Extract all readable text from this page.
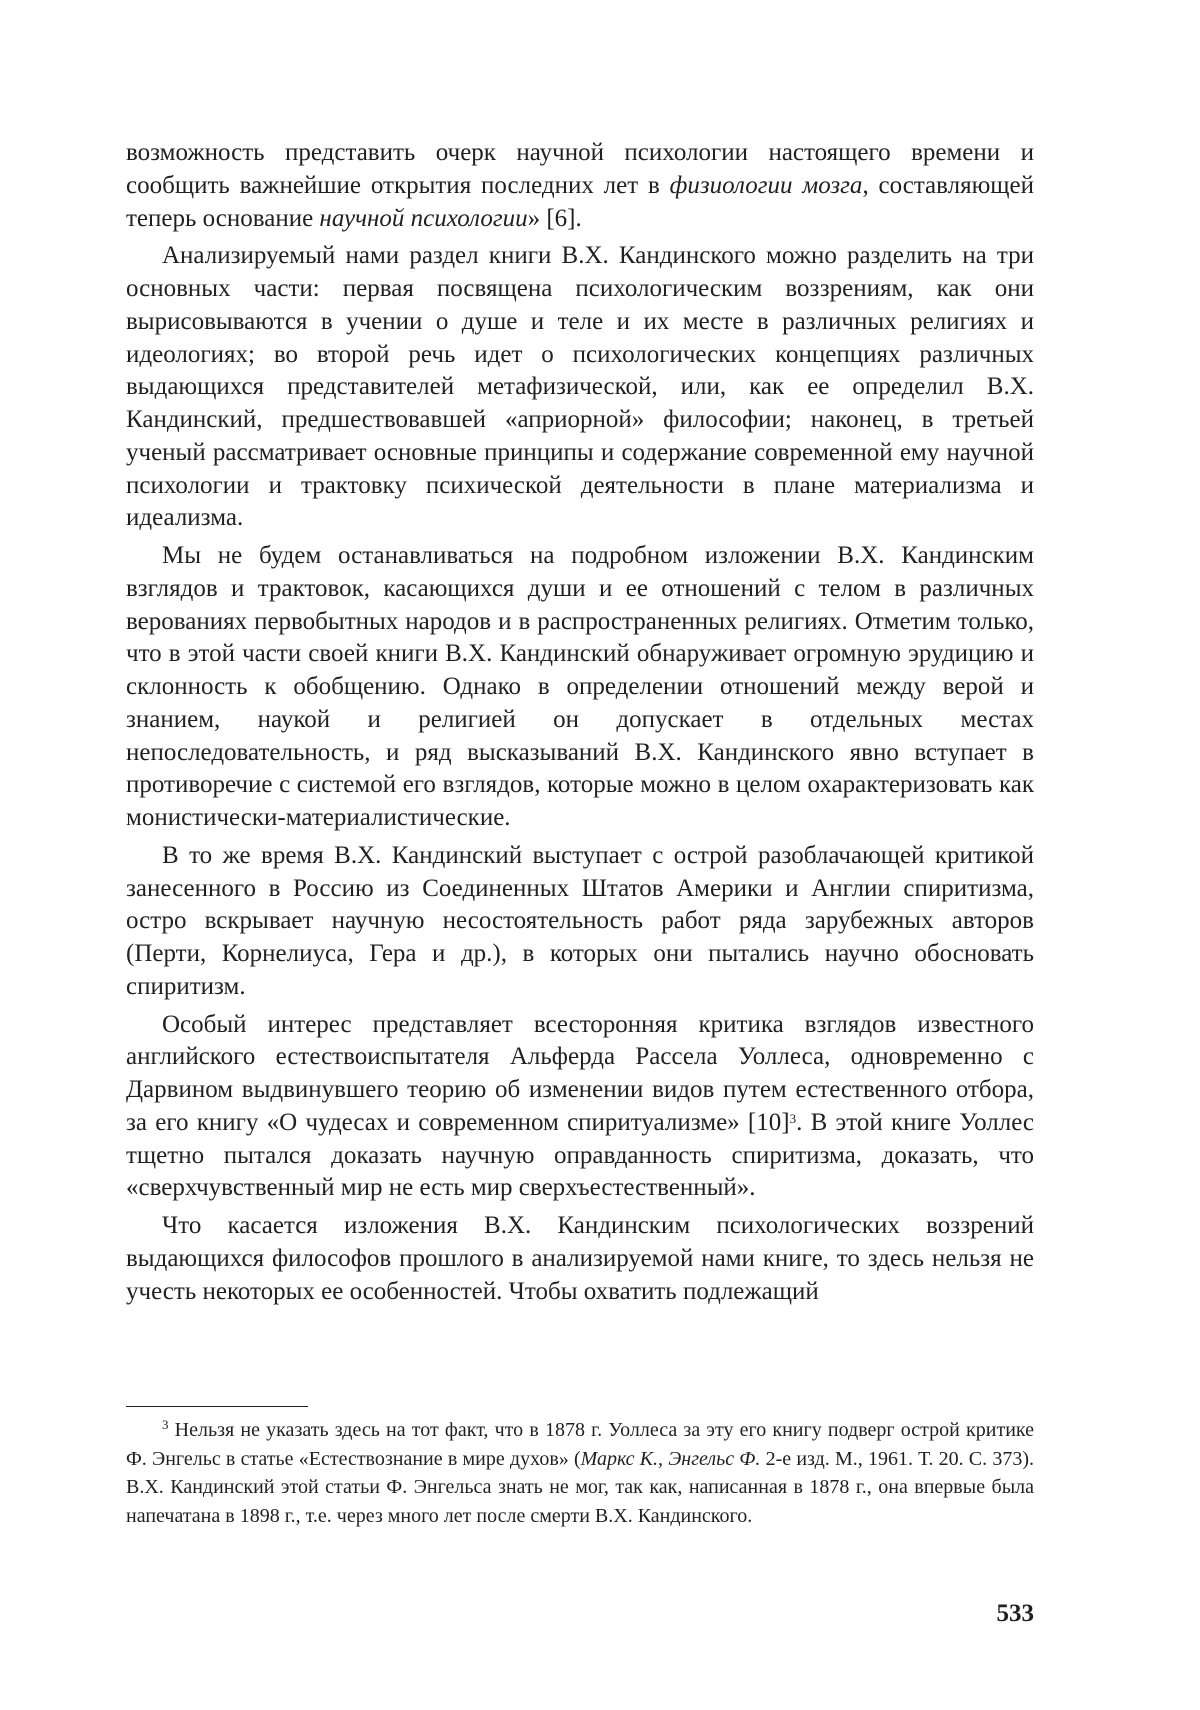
возможность представить очерк научной психологии настоящего времени и сообщить важнейшие открытия последних лет в физиологии мозга, составляющей теперь основание научной психологии» [6].

Анализируемый нами раздел книги В.Х. Кандинского можно разделить на три основных части: первая посвящена психологическим воззрениям, как они вырисовываются в учении о душе и теле и их месте в различных религиях и идеологиях; во второй речь идет о психологических концепциях различных выдающихся представителей метафизической, или, как ее определил В.Х. Кандинский, предшествовавшей «априорной» философии; наконец, в третьей ученый рассматривает основные принципы и содержание современной ему научной психологии и трактовку психической деятельности в плане материализма и идеализма.

Мы не будем останавливаться на подробном изложении В.Х. Кандинским взглядов и трактовок, касающихся души и ее отношений с телом в различных верованиях первобытных народов и в распространенных религиях. Отметим только, что в этой части своей книги В.Х. Кандинский обнаруживает огромную эрудицию и склонность к обобщению. Однако в определении отношений между верой и знанием, наукой и религией он допускает в отдельных местах непоследовательность, и ряд высказываний В.Х. Кандинского явно вступает в противоречие с системой его взглядов, которые можно в целом охарактеризовать как монистически-материалистические.

В то же время В.Х. Кандинский выступает с острой разоблачающей критикой занесенного в Россию из Соединенных Штатов Америки и Англии спиритизма, остро вскрывает научную несостоятельность работ ряда зарубежных авторов (Перти, Корнелиуса, Гера и др.), в которых они пытались научно обосновать спиритизм.

Особый интерес представляет всесторонняя критика взглядов известного английского естествоиспытателя Альферда Рассела Уоллеса, одновременно с Дарвином выдвинувшего теорию об изменении видов путем естественного отбора, за его книгу «О чудесах и современном спиритуализме» [10]$^3$. В этой книге Уоллес тщетно пытался доказать научную оправданность спиритизма, доказать, что «сверхчувственный мир не есть мир сверхъестественный».

Что касается изложения В.Х. Кандинским психологических воззрений выдающихся философов прошлого в анализируемой нами книге, то здесь нельзя не учесть некоторых ее особенностей. Чтобы охватить подлежащий

$^3$ Нельзя не указать здесь на тот факт, что в 1878 г. Уоллеса за эту его книгу подверг острой критике Ф. Энгельс в статье «Естествознание в мире духов» (Маркс К., Энгельс Ф. 2-е изд. М., 1961. Т. 20. С. 373). В.Х. Кандинский этой статьи Ф. Энгельса знать не мог, так как, написанная в 1878 г., она впервые была напечатана в 1898 г., т.е. через много лет после смерти В.Х. Кандинского.

533
